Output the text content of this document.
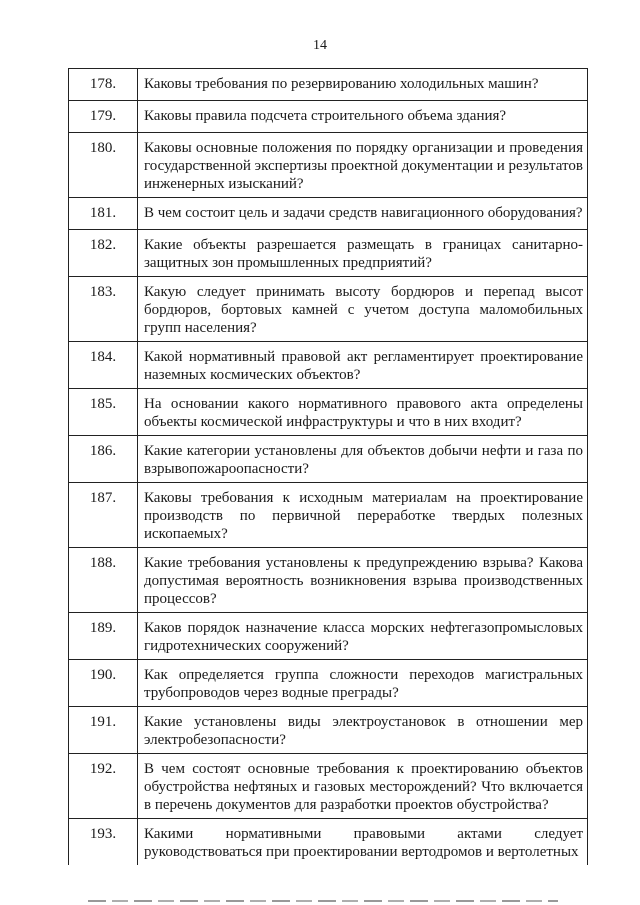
14
178.	Каковы требования по резервированию холодильных машин?
179.	Каковы правила подсчета строительного объема здания?
180.	Каковы основные положения по порядку организации и проведения государственной экспертизы проектной документации и результатов инженерных изысканий?
181.	В чем состоит цель и задачи средств навигационного оборудования?
182.	Какие объекты разрешается размещать в границах санитарно-защитных зон промышленных предприятий?
183.	Какую следует принимать высоту бордюров и перепад высот бордюров, бортовых камней с учетом доступа маломобильных групп населения?
184.	Какой нормативный правовой акт регламентирует проектирование наземных космических объектов?
185.	На основании какого нормативного правового акта определены объекты космической инфраструктуры и что в них входит?
186.	Какие категории установлены для объектов добычи нефти и газа по взрывопожароопасности?
187.	Каковы требования к исходным материалам на проектирование производств по первичной переработке твердых полезных ископаемых?
188.	Какие требования установлены к предупреждению взрыва? Какова допустимая вероятность возникновения взрыва производственных процессов?
189.	Каков порядок назначение класса морских нефтегазопромысловых гидротехнических сооружений?
190.	Как определяется группа сложности переходов магистральных трубопроводов через водные преграды?
191.	Какие установлены виды электроустановок в отношении мер электробезопасности?
192.	В чем состоят основные требования к проектированию объектов обустройства нефтяных и газовых месторождений? Что включается в перечень документов для разработки проектов обустройства?
193.	Какими нормативными правовыми актами следует руководствоваться при проектировании вертодромов и вертолетных
